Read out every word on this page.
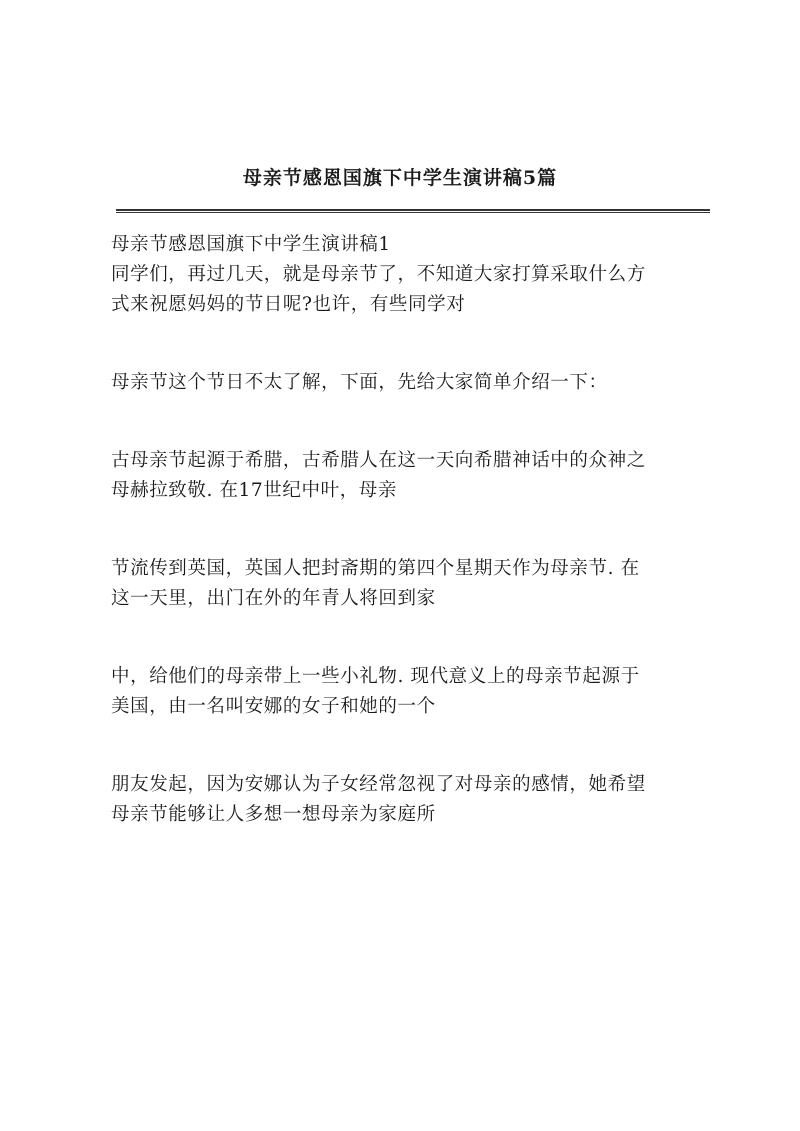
母亲节感恩国旗下中学生演讲稿5篇
母亲节感恩国旗下中学生演讲稿1
同学们，再过几天，就是母亲节了，不知道大家打算采取什么方
式来祝愿妈妈的节日呢?也许，有些同学对
母亲节这个节日不太了解，下面，先给大家简单介绍一下：
古母亲节起源于希腊，古希腊人在这一天向希腊神话中的众神之
母赫拉致敬. 在17世纪中叶，母亲
节流传到英国，英国人把封斋期的第四个星期天作为母亲节. 在
这一天里，出门在外的年青人将回到家
中，给他们的母亲带上一些小礼物. 现代意义上的母亲节起源于
美国，由一名叫安娜的女子和她的一个
朋友发起，因为安娜认为子女经常忽视了对母亲的感情，她希望
母亲节能够让人多想一想母亲为家庭所
